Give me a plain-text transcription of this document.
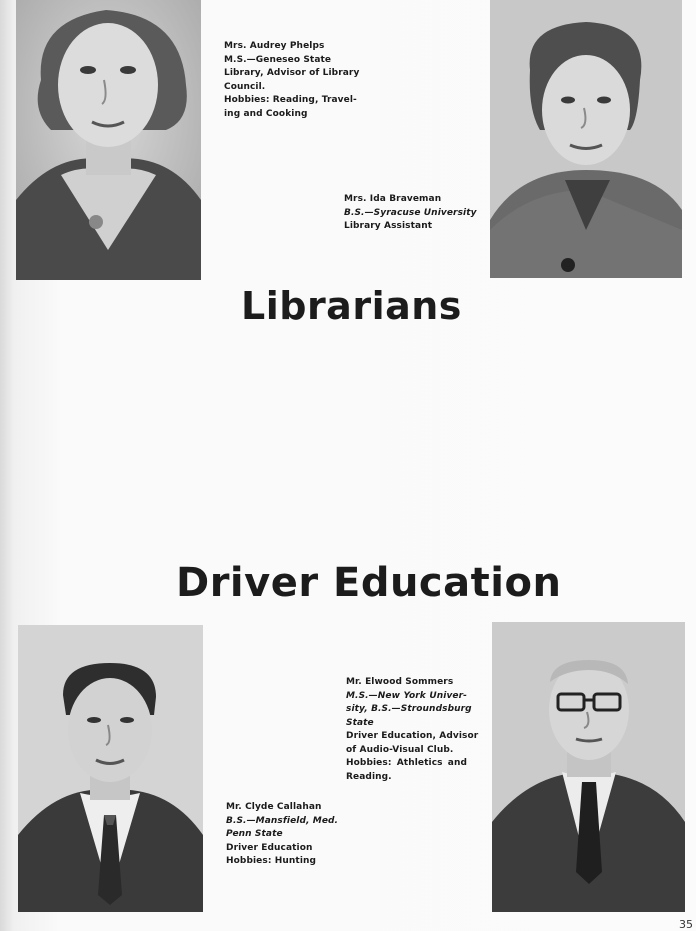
Mrs. Audrey Phelps
M.S.—Geneseo State
Library, Advisor of Library
Council.
Hobbies: Reading, Travel-
ing and Cooking
Mrs. Ida Braveman
B.S.—Syracuse University
Library Assistant
Librarians
Driver Education
Mr. Clyde Callahan
B.S.—Mansfield, Med.
Penn State
Driver Education
Hobbies: Hunting
Mr. Elwood Sommers
M.S.—New York Univer-
sity, B.S.—Stroundsburg
State
Driver Education, Advisor
of Audio-Visual Club.
Hobbies: Athletics and
Reading.
35
